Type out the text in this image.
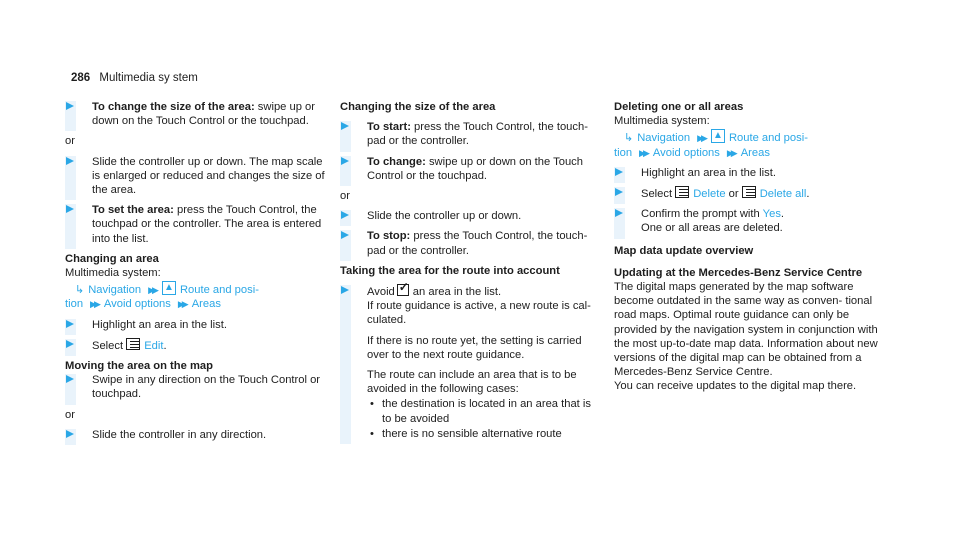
286 Multimedia sy stem
To change the size of the area: swipe up or down on the Touch Control or the touchpad.

or

Slide the controller up or down. The map scale is enlarged or reduced and changes the size of the area.
To set the area: press the Touch Control, the touchpad or the controller. The area is entered into the list.

Changing an area

Multimedia system:

↳ Navigation ▶▶ ▲ Route and posi-
tion ▶▶ Avoid options ▶▶ Areas
Highlight an area in the list.
Select Edit.

Moving the area on the map

Swipe in any direction on the Touch Control or touchpad.

or

Slide the controller in any direction.

Changing the size of the area

To start: press the Touch Control, the touch- pad or the controller.
To change: swipe up or down on the Touch Control or the touchpad.

or

Slide the controller up or down.
To stop: press the Touch Control, the touch- pad or the controller.

Taking the area for the route into account

Avoid ✓ an area in the list.
If route guidance is active, a new route is cal- culated.

If there is no route yet, the setting is carried over to the next route guidance.

The route can include an area that is to be avoided in the following cases:

• the destination is located in an area that is to be avoided
• there is no sensible alternative route

Deleting one or all areas

Multimedia system:

↳ Navigation ▶▶ ▲ Route and posi-
tion ▶▶ Avoid options ▶▶ Areas
Highlight an area in the list.
Select Delete or Delete all.
Confirm the prompt with Yes.
One or all areas are deleted.

Map data update overview

Updating at the Mercedes-Benz Service Centre

The digital maps generated by the map software become outdated in the same way as conven- tional road maps. Optimal route guidance can only be provided by the navigation system in conjunction with the most up-to-date map data. Information about new versions of the digital map can be obtained from a Mercedes-Benz Service Centre.

You can receive updates to the digital map there.
